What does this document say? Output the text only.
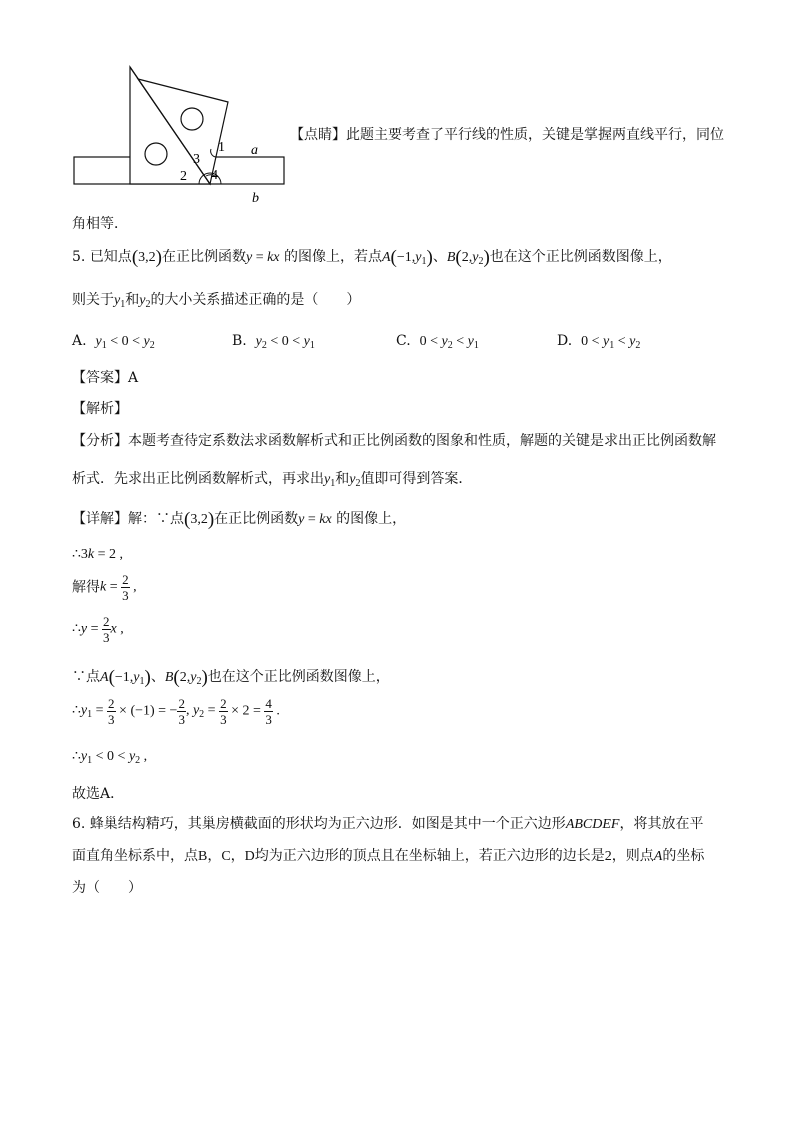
1
3
2 4
a
b
【点睛】此题主要考查了平行线的性质，关键是掌握两直线平行，同位
角相等．
5. 已知点(3,2)在正比例函数y = kx 的图像上，若点$A(-1,y_1)$、$B(2,y_2)$也在这个正比例函数图像上，
则关于$y_1$和$y_2$的大小关系描述正确的是（　　）
A. $y_1 < 0 < y_2$	B. $y_2 < 0 < y_1$	C. $0 < y_2 < y_1$	D. $0 < y_1 < y_2$
【答案】A
【解析】
【分析】本题考查待定系数法求函数解析式和正比例函数的图象和性质，解题的关键是求出正比例函数解
析式．先求出正比例函数解析式，再求出$y_1$和$y_2$值即可得到答案．
【详解】解：∵点(3,2)在正比例函数y = kx 的图像上，
∴3k = 2 ,
解得$k = \frac{2}{3}$ ,
∴y = $\frac{2}{3}$ x ,
∵点$A(-1,y_1)$、$B(2,y_2)$也在这个正比例函数图像上，
$\therefore y_1 = \frac{2}{3} \times (-1)$ = − $\frac{2}{3}$ , $y_2 = \frac{2}{3} \times 2 = \frac{4}{3}$ .
$\therefore y_1 < 0 < y_2$ ,
故选A．
6. 蜂巢结构精巧，其巢房横截面的形状均为正六边形．如图是其中一个正六边形ABCDEF，将其放在平
面直角坐标系中，点B，C，D均为正六边形的顶点且在坐标轴上，若正六边形的边长是2，则点A的坐标
为（　　）
